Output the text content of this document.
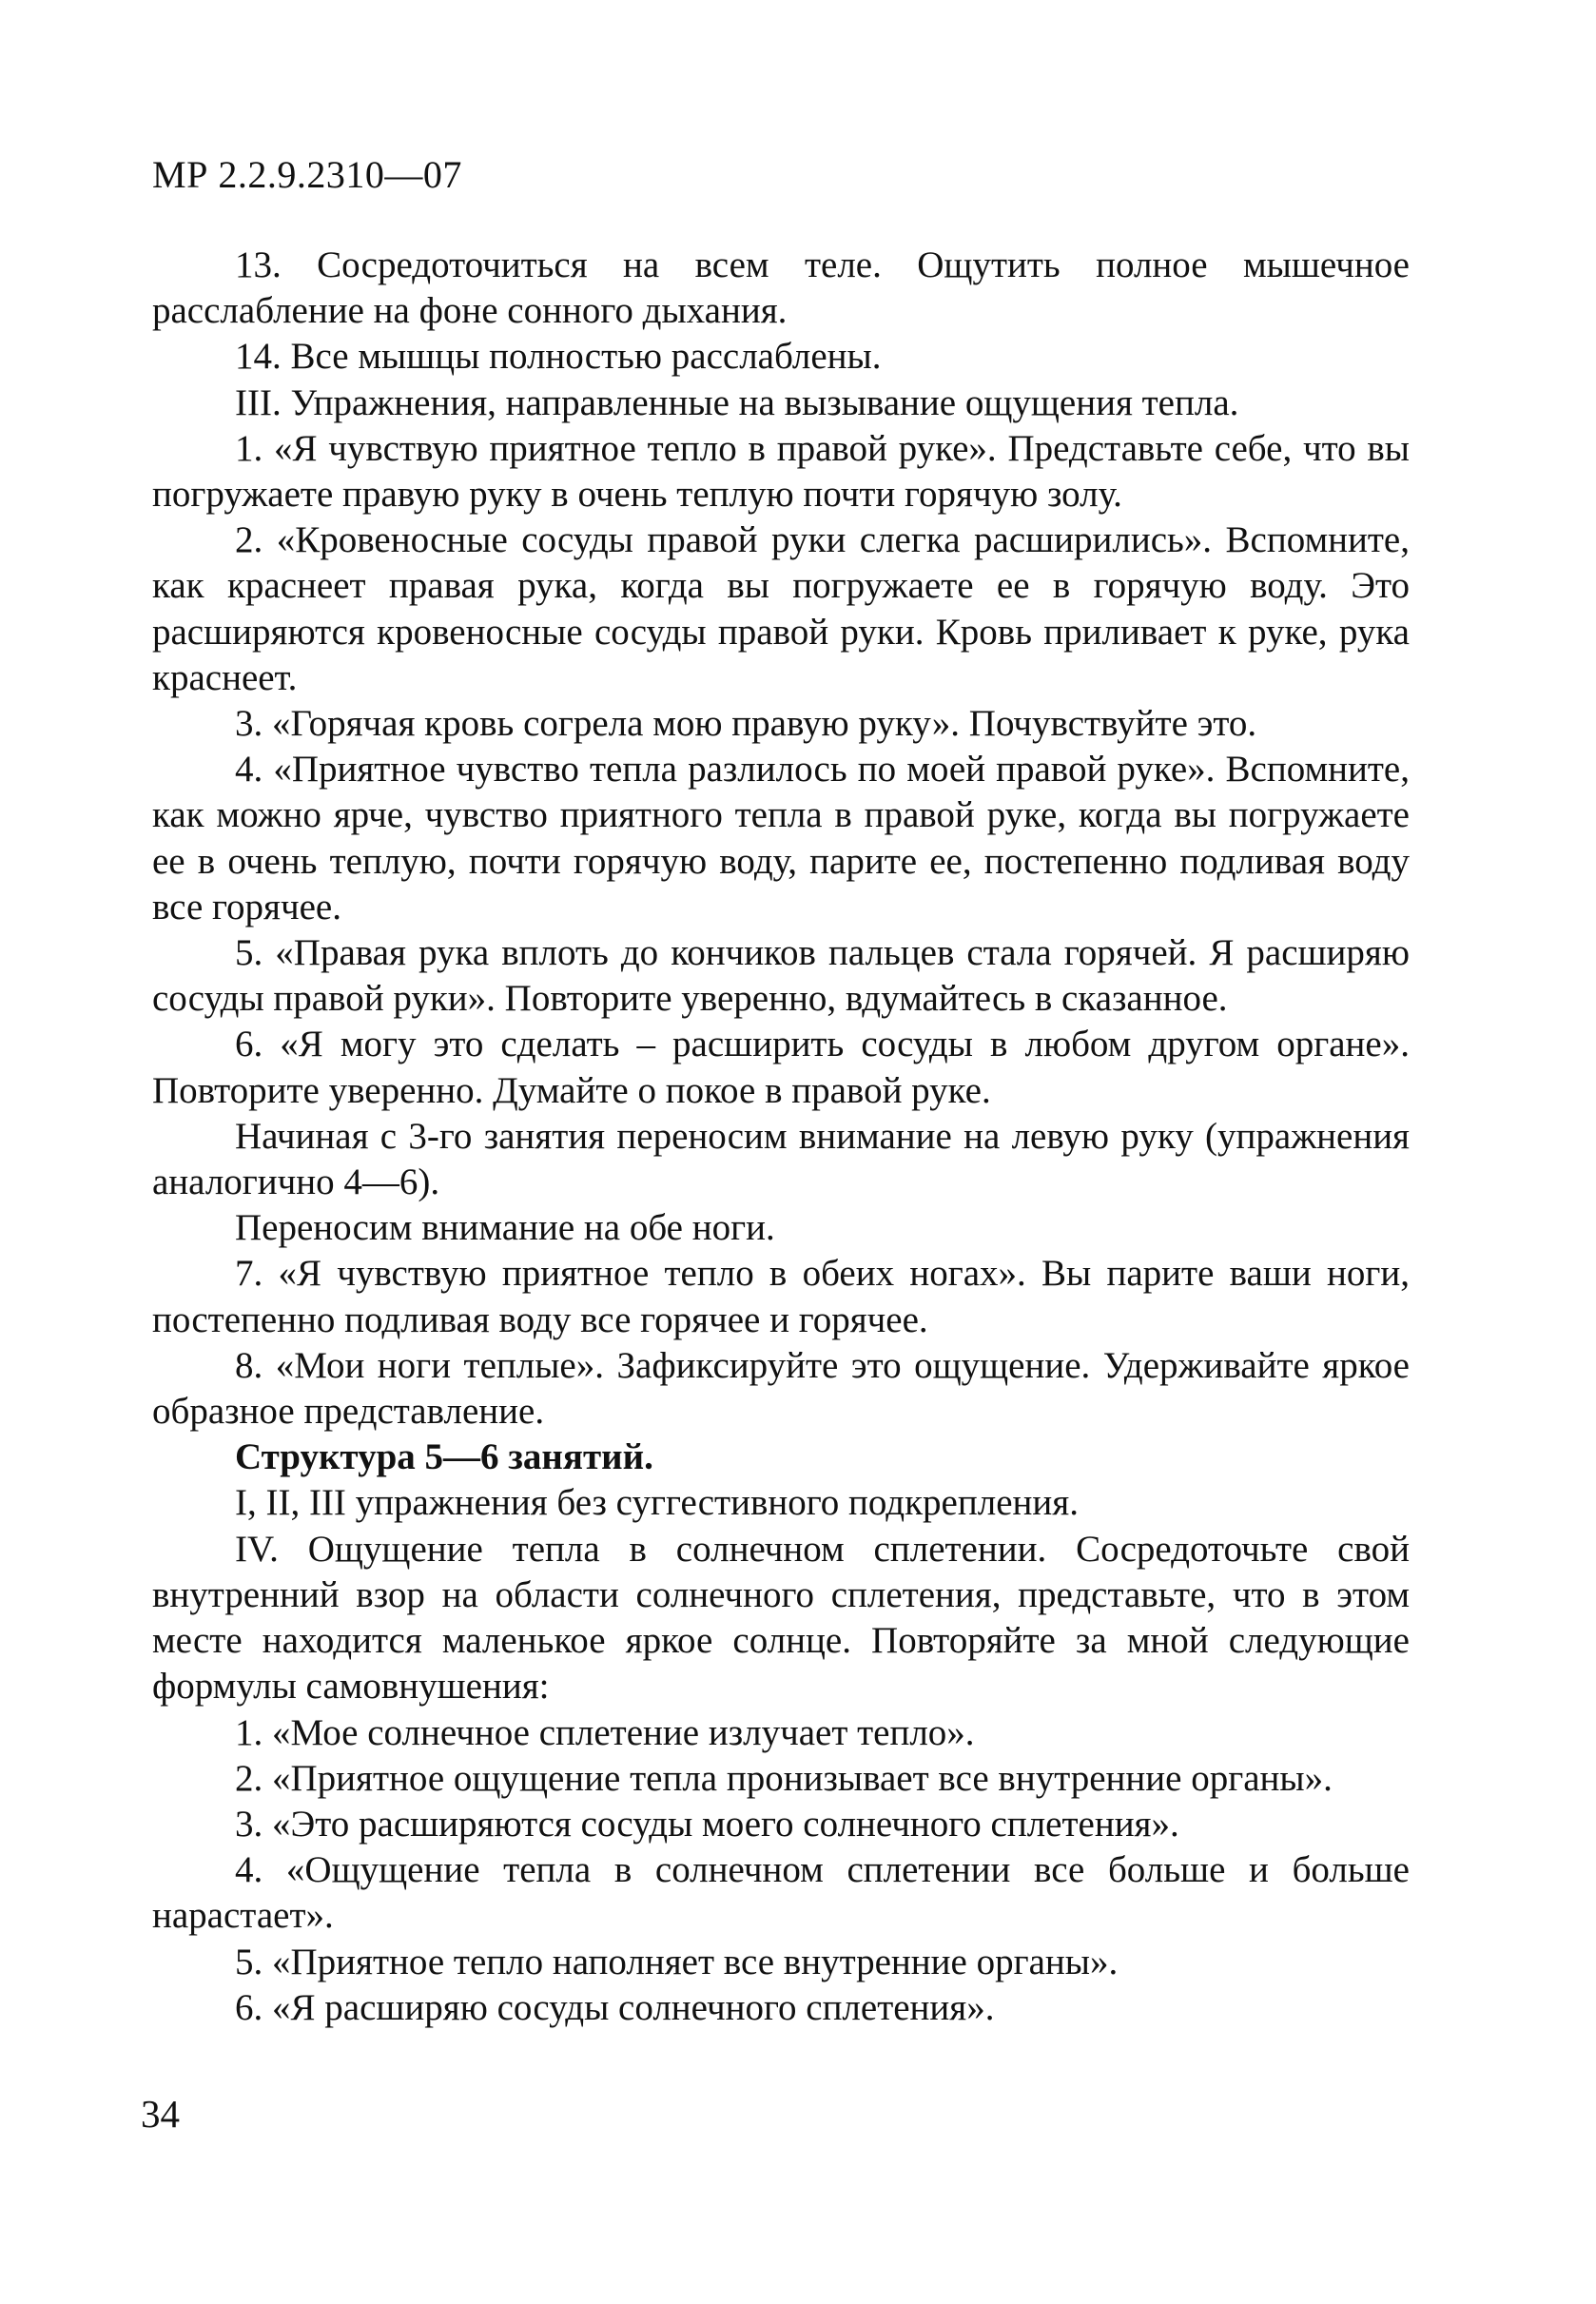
МР 2.2.9.2310—07

13. Сосредоточиться на всем теле. Ощутить полное мышечное расслабление на фоне сонного дыхания.

14. Все мышцы полностью расслаблены.

III. Упражнения, направленные на вызывание ощущения тепла.

1. «Я чувствую приятное тепло в правой руке». Представьте себе, что вы погружаете правую руку в очень теплую почти горячую золу.

2. «Кровеносные сосуды правой руки слегка расширились». Вспомните, как краснеет правая рука, когда вы погружаете ее в горячую воду. Это расширяются кровеносные сосуды правой руки. Кровь приливает к руке, рука краснеет.

3. «Горячая кровь согрела мою правую руку». Почувствуйте это.

4. «Приятное чувство тепла разлилось по моей правой руке». Вспомните, как можно ярче, чувство приятного тепла в правой руке, когда вы погружаете ее в очень теплую, почти горячую воду, парите ее, постепенно подливая воду все горячее.

5. «Правая рука вплоть до кончиков пальцев стала горячей. Я расширяю сосуды правой руки». Повторите уверенно, вдумайтесь в сказанное.

6. «Я могу это сделать – расширить сосуды в любом другом органе». Повторите уверенно. Думайте о покое в правой руке.

Начиная с 3-го занятия переносим внимание на левую руку (упражнения аналогично 4—6).

Переносим внимание на обе ноги.

7. «Я чувствую приятное тепло в обеих ногах». Вы парите ваши ноги, постепенно подливая воду все горячее и горячее.

8. «Мои ноги теплые». Зафиксируйте это ощущение. Удерживайте яркое образное представление.

Структура 5—6 занятий.

I, II, III упражнения без суггестивного подкрепления.

IV. Ощущение тепла в солнечном сплетении. Сосредоточьте свой внутренний взор на области солнечного сплетения, представьте, что в этом месте находится маленькое яркое солнце. Повторяйте за мной следующие формулы самовнушения:

1. «Мое солнечное сплетение излучает тепло».

2. «Приятное ощущение тепла пронизывает все внутренние органы».

3. «Это расширяются сосуды моего солнечного сплетения».

4. «Ощущение тепла в солнечном сплетении все больше и больше нарастает».

5. «Приятное тепло наполняет все внутренние органы».

6. «Я расширяю сосуды солнечного сплетения».

34
